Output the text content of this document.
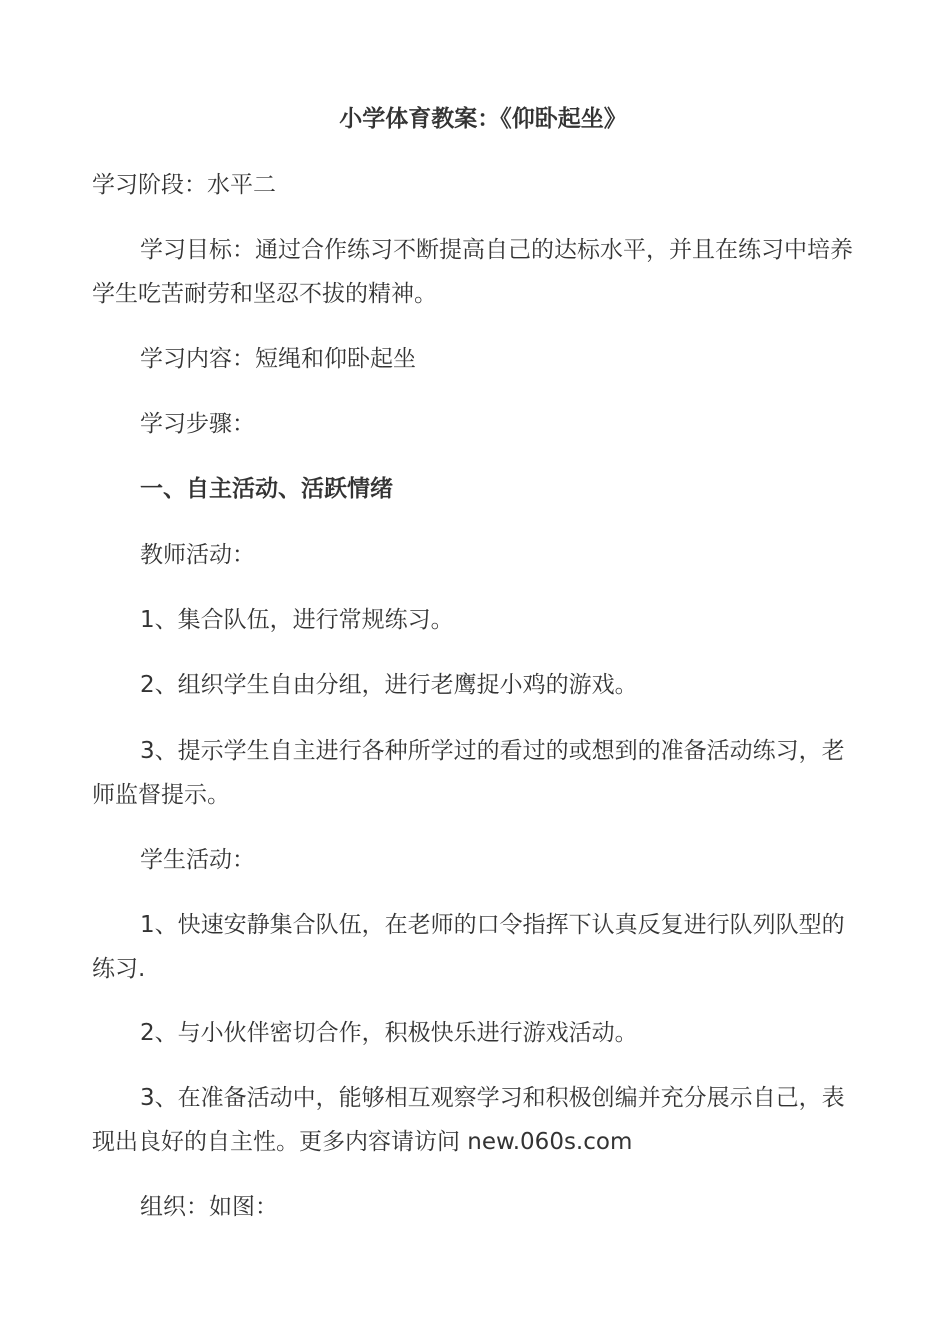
小学体育教案：《仰卧起坐》

学习阶段：水平二

学习目标：通过合作练习不断提高自己的达标水平，并且在练习中培养学生吃苦耐劳和坚忍不拔的精神。

学习内容：短绳和仰卧起坐

学习步骤：

一、自主活动、活跃情绪

教师活动：

1、集合队伍，进行常规练习。

2、组织学生自由分组，进行老鹰捉小鸡的游戏。

3、提示学生自主进行各种所学过的看过的或想到的准备活动练习，老师监督提示。

学生活动：

1、快速安静集合队伍，在老师的口令指挥下认真反复进行队列队型的练习.

2、与小伙伴密切合作，积极快乐进行游戏活动。

3、在准备活动中，能够相互观察学习和积极创编并充分展示自己，表现出良好的自主性。更多内容请访问 new.060s.com

组织：如图：
